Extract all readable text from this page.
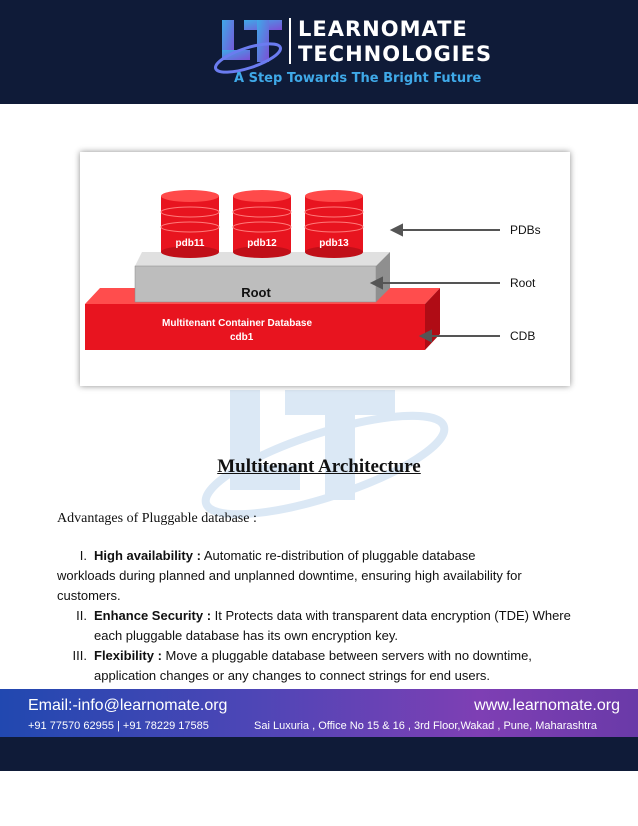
LEARNOMATE
TECHNOLOGIES
A Step Towards The Bright Future
Multitenant Container Database
cdb1
Root
pdb11	pdb12	pdb13
PDBs
Root
CDB
Multitenant Architecture
Advantages of Pluggable database :
I. High availability : Automatic re-distribution of pluggable database
workloads during planned and unplanned downtime, ensuring high availability for
customers.
II. Enhance Security : It Protects data with transparent data encryption (TDE) Where
each pluggable database has its own encryption key.
III. Flexibility : Move a pluggable database between servers with no downtime,
application changes or any changes to connect strings for end users.
Email:-info@learnomate.org	www.learnomate.org
+91 77570 62955 | +91 78229 17585	Sai Luxuria , Office No 15 & 16 , 3rd Floor,Wakad , Pune, Maharashtra
